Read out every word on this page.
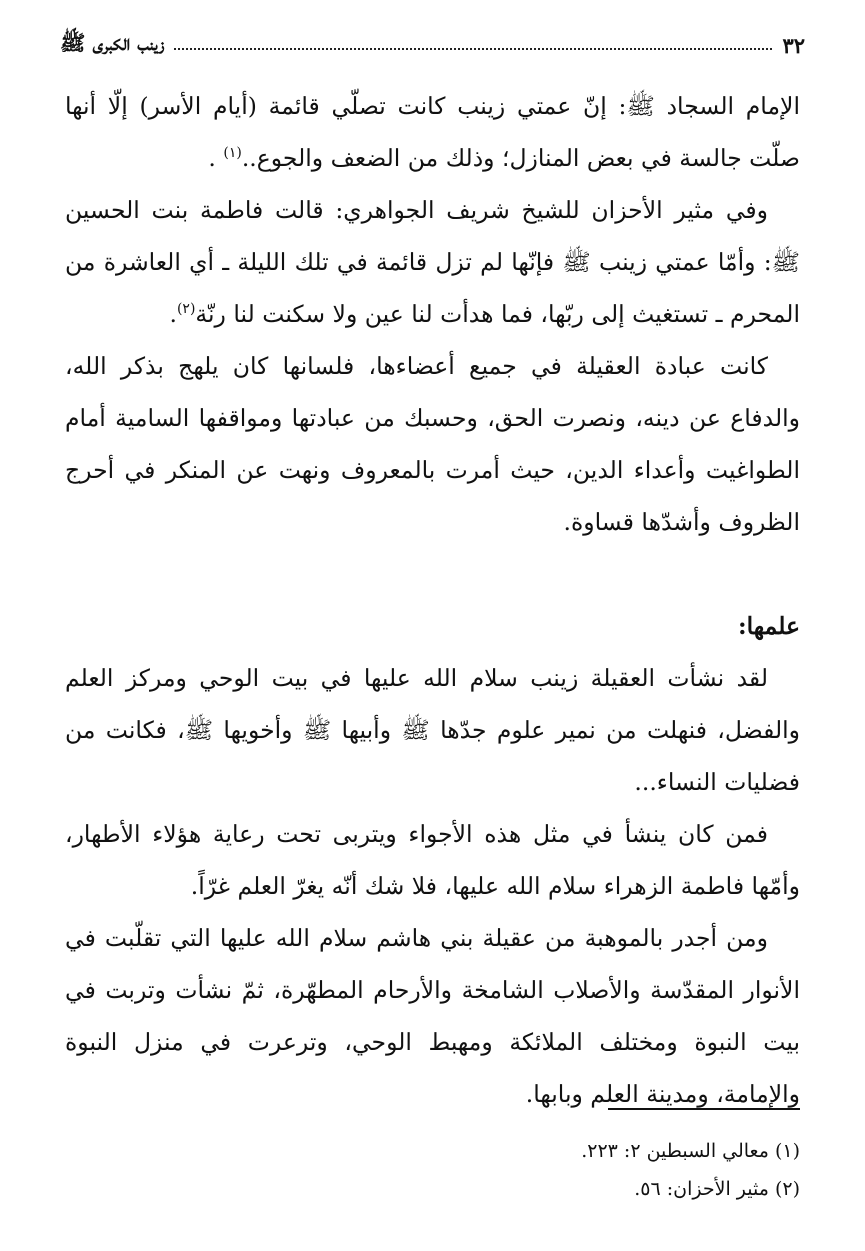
٣٢
زينب الكبرى ﷺ

الإمام السجاد ﷺ: إنّ عمتي زينب كانت تصلّي قائمة (أيام الأسر) إلّا أنها صلّت جالسة في بعض المنازل؛ وذلك من الضعف والجوع..$^{(١)}$ .

وفي مثير الأحزان للشيخ شريف الجواهري: قالت فاطمة بنت الحسين ﷺ: وأمّا عمتي زينب ﷺ فإنّها لم تزل قائمة في تلك الليلة ـ أي العاشرة من المحرم ـ تستغيث إلى ربّها، فما هدأت لنا عين ولا سكنت لنا رنّة$^{(٢)}$.

كانت عبادة العقيلة في جميع أعضاءها، فلسانها كان يلهج بذكر الله، والدفاع عن دينه، ونصرت الحق، وحسبك من عبادتها ومواقفها السامية أمام الطواغيت وأعداء الدين، حيث أمرت بالمعروف ونهت عن المنكر في أحرج الظروف وأشدّها قساوة.

علمها:

لقد نشأت العقيلة زينب سلام الله عليها في بيت الوحي ومركز العلم والفضل، فنهلت من نمير علوم جدّها ﷺ وأبيها ﷺ وأخويها ﷺ، فكانت من فضليات النساء...

فمن كان ينشأ في مثل هذه الأجواء ويتربى تحت رعاية هؤلاء الأطهار، وأمّها فاطمة الزهراء سلام الله عليها، فلا شك أنّه يغرّ العلم غرّاً.

ومن أجدر بالموهبة من عقيلة بني هاشم سلام الله عليها التي تقلّبت في الأنوار المقدّسة والأصلاب الشامخة والأرحام المطهّرة، ثمّ نشأت وتربت في بيت النبوة ومختلف الملائكة ومهبط الوحي، وترعرت في منزل النبوة والإمامة، ومدينة العلم وبابها.

(١) معالي السبطين ٢: ٢٢٣.

(٢) مثير الأحزان: ٥٦.
